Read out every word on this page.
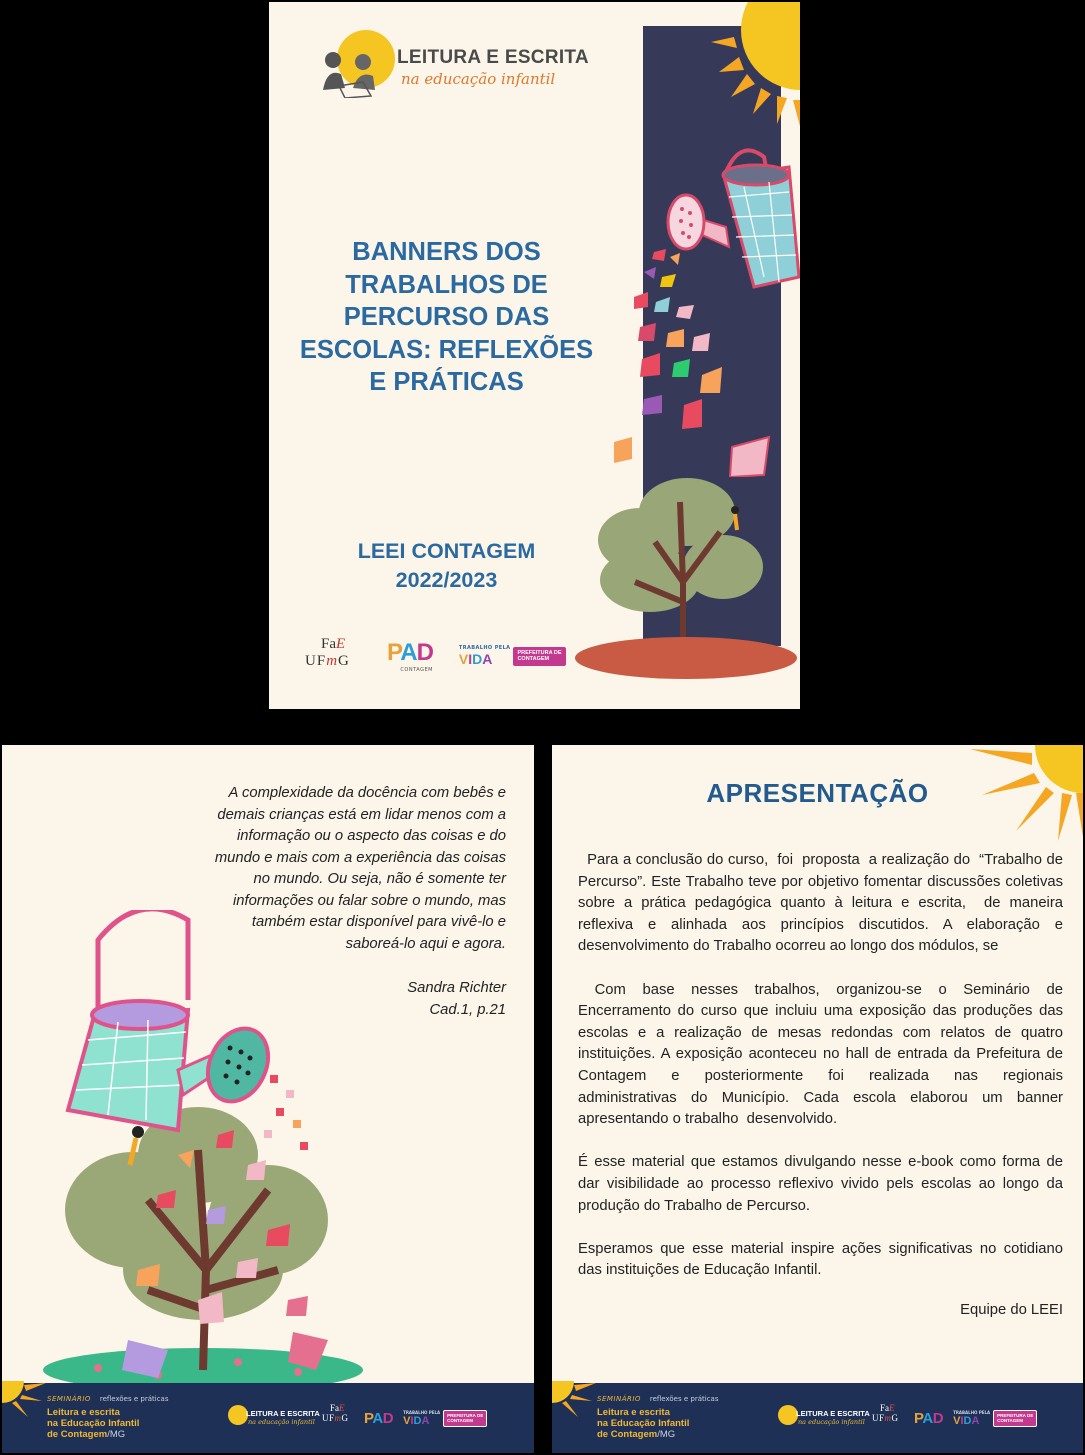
LEITURA E ESCRITA
na educação infantil
BANNERS DOS
TRABALHOS DE
PERCURSO DAS
ESCOLAS: REFLEXÕES
E PRÁTICAS
LEEI CONTAGEM
2022/2023
FaE
UFmG PAD
CONTAGEM
TRABALHO PELA
VIDA	PREFEITURA DE
CONTAGEM
A complexidade da docência com bebês e
demais crianças está em lidar menos com a
informação ou o aspecto das coisas e do
mundo e mais com a experiência das coisas
no mundo. Ou seja, não é somente ter
informações ou falar sobre o mundo, mas
também estar disponível para vivê-lo e
saboreá-lo aqui e agora.
Sandra Richter
Cad.1, p.21
SEMINÁRIO reflexões e práticas
Leitura e escrita
na Educação Infantil
de Contagem/MG
LEITURA E ESCRITA
na educação infantil
FaE
UFmG PAD	TRABALHO PELA
VIDA	PREFEITURA DE
CONTAGEM
APRESENTAÇÃO

Para a conclusão do curso,  foi  proposta  a realização do  “Trabalho de Percurso”. Este Trabalho teve por objetivo fomentar discussões coletivas sobre a prática pedagógica quanto à leitura e escrita,  de maneira reflexiva e alinhada aos princípios discutidos. A elaboração e desenvolvimento do Trabalho ocorreu ao longo dos módulos, se

Com  base  nesses  trabalhos,  organizou-se  o  Seminário  de Encerramento do curso que incluiu uma exposição das produções das escolas e a realização de mesas redondas com relatos de quatro instituições. A exposição aconteceu no hall de entrada da Prefeitura de  Contagem  e  posteriormente  foi  realizada  nas  regionais administrativas do Município. Cada escola elaborou um banner apresentando o trabalho  desenvolvido.

É esse material que estamos divulgando nesse e-book como forma de dar visibilidade ao processo reflexivo vivido pels escolas ao longo da produção do Trabalho de Percurso.

Esperamos que esse material inspire ações significativas no cotidiano das instituições de Educação Infantil.

Equipe do LEEI
SEMINÁRIO reflexões e práticas
Leitura e escrita
na Educação Infantil
de Contagem/MG
LEITURA E ESCRITA
na educação infantil
FaE
UFmG PAD	TRABALHO PELA
VIDA	PREFEITURA DE
CONTAGEM
